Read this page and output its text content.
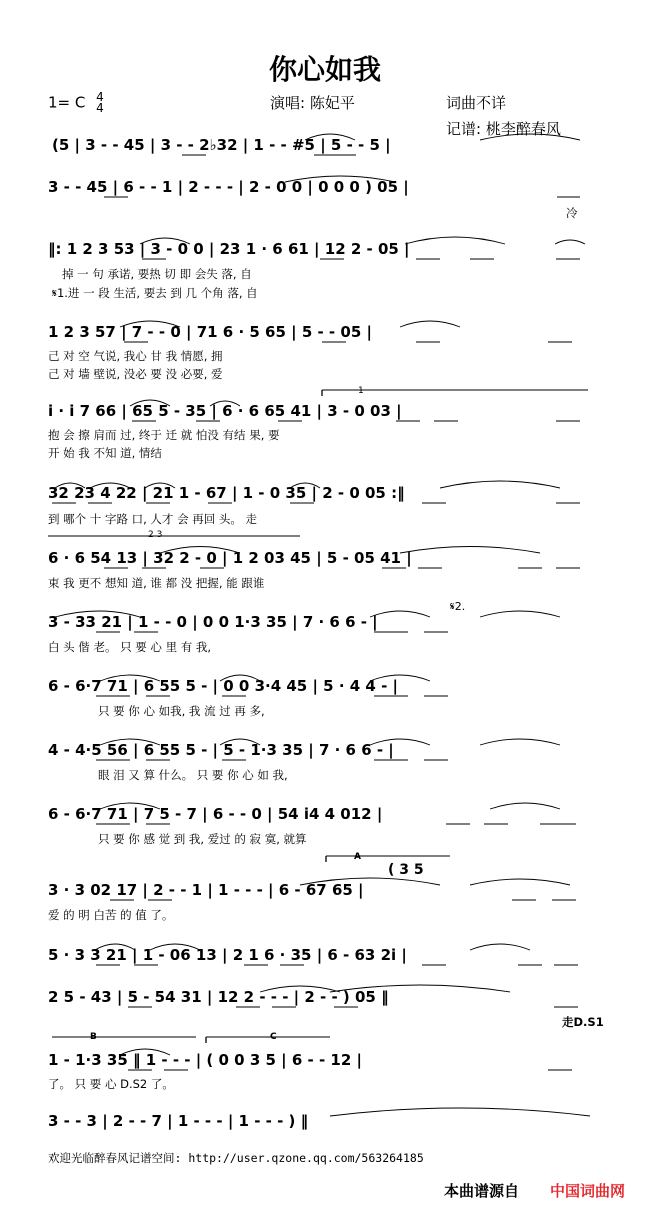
你心如我
1= C 4
4	演唱: 陈妃平	词曲不详
记谱: 桃李醉春风
(5 | 3 - - 45 | 3 - - 2♭32 | 1 - - #5 | 5 - - 5 |
3 - - 45 | 6 - - 1 | 2 - - - | 2 - 0 0 | 0 0 0 ) 05 |
冷
‖: 1 2 3 53 | 3 - 0 0 | 23 1 · 6 61 | 12 2 - 05 |
掉 一 句 承诺, 要热 切 即 会失 落, 自
𝄋1.进 一 段 生活, 要去 到 几 个角 落, 自
1 2 3 57 | 7 - - 0 | 71 6 · 5 65 | 5 - - 05 |
己 对 空 气说, 我心 甘 我 情愿, 拥
己 对 墙 壁说, 没必 要 没 必要, 爱
i · i 7 66 | 65 5 - 35 | 6 · 6 65 41 | 3 - 0 03 |
抱 会 擦 肩而 过, 终于 迁 就 怕没 有结 果, 要
开 始 我 不知 道, 情结
32 23 4 22 | 21 1 - 67 | 1 - 0 35 | 2 - 0 05 :‖
到 哪个 十 字路 口, 人才 会 再回 头。 走
6 · 6 54 13 | 32 2 - 0 | 1 2 03 45 | 5 - 05 41 |
束 我 更不 想知 道, 谁 都 没 把握, 能 跟谁
3 - 33 21 | 1 - - 0 | 0 0 1·3 35 | 7 · 6 6 - |
白 头 偕 老。 只 要 心 里 有 我,
6 - 6·7 71 | 6 55 5 - | 0 0 3·4 45 | 5 · 4 4 - |
只 要 你 心 如我, 我 流 过 再 多,
4 - 4·5 56 | 6 55 5 - | 5 - 1·3 35 | 7 · 6 6 - |
眼 泪 又 算 什么。 只 要 你 心 如 我,
6 - 6·7 71 | 7 5 - 7 | 6 - - 0 | 54 i4 4 012 |
只 要 你 感 觉 到 我, 爱过 的 寂 寞, 就算
3 · 3 02 17 | 2 - - 1 | 1 - - - | 6 - 67 65 |
爱 的 明 白苦 的 值 了。
5 · 3 3 21 | 1 - 06 13 | 2 1 6 · 35 | 6 - 63 2i |
2 5 - 43 | 5 - 54 31 | 12 2 - - - | 2 - - ) 05 ‖
走D.S1
1 - 1·3 35 ‖ 1 - - - | ( 0 0 3 5 | 6 - - 12 |
了。 只 要 心 D.S2 了。
3 - - 3 | 2 - - 7 | 1 - - - | 1 - - - ) ‖
1
2 3
𝄋2.
A
( 3 5
B	C
欢迎光临醉春风记谱空间: http://user.qzone.qq.com/563264185
本曲谱源自 中国词曲网
